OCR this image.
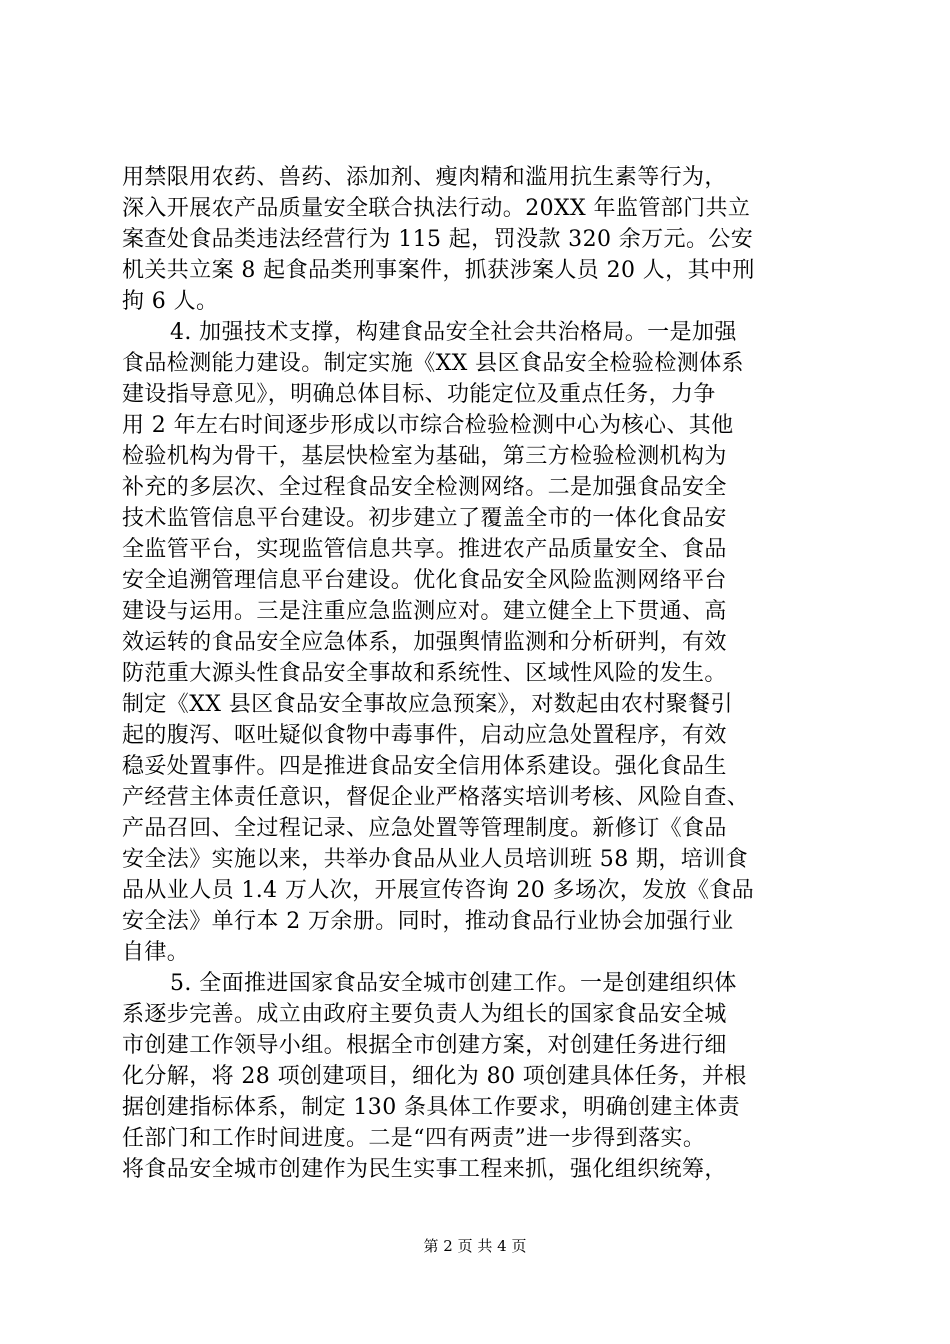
用禁限用农药、兽药、添加剂、瘦肉精和滥用抗生素等行为，
深入开展农产品质量安全联合执法行动。20XX 年监管部门共立
案查处食品类违法经营行为 115 起，罚没款 320 余万元。公安
机关共立案 8 起食品类刑事案件，抓获涉案人员 20 人，其中刑
拘 6 人。
4. 加强技术支撑，构建食品安全社会共治格局。一是加强
食品检测能力建设。制定实施《XX 县区食品安全检验检测体系
建设指导意见》，明确总体目标、功能定位及重点任务，力争
用 2 年左右时间逐步形成以市综合检验检测中心为核心、其他
检验机构为骨干，基层快检室为基础，第三方检验检测机构为
补充的多层次、全过程食品安全检测网络。二是加强食品安全
技术监管信息平台建设。初步建立了覆盖全市的一体化食品安
全监管平台，实现监管信息共享。推进农产品质量安全、食品
安全追溯管理信息平台建设。优化食品安全风险监测网络平台
建设与运用。三是注重应急监测应对。建立健全上下贯通、高
效运转的食品安全应急体系，加强舆情监测和分析研判，有效
防范重大源头性食品安全事故和系统性、区域性风险的发生。
制定《XX 县区食品安全事故应急预案》，对数起由农村聚餐引
起的腹泻、呕吐疑似食物中毒事件，启动应急处置程序，有效
稳妥处置事件。四是推进食品安全信用体系建设。强化食品生
产经营主体责任意识，督促企业严格落实培训考核、风险自查、
产品召回、全过程记录、应急处置等管理制度。新修订《食品
安全法》实施以来，共举办食品从业人员培训班 58 期，培训食
品从业人员 1.4 万人次，开展宣传咨询 20 多场次，发放《食品
安全法》单行本 2 万余册。同时，推动食品行业协会加强行业
自律。
5. 全面推进国家食品安全城市创建工作。一是创建组织体
系逐步完善。成立由政府主要负责人为组长的国家食品安全城
市创建工作领导小组。根据全市创建方案，对创建任务进行细
化分解，将 28 项创建项目，细化为 80 项创建具体任务，并根
据创建指标体系，制定 130 条具体工作要求，明确创建主体责
任部门和工作时间进度。二是“四有两责”进一步得到落实。
将食品安全城市创建作为民生实事工程来抓，强化组织统筹，
第 2 页 共 4 页
